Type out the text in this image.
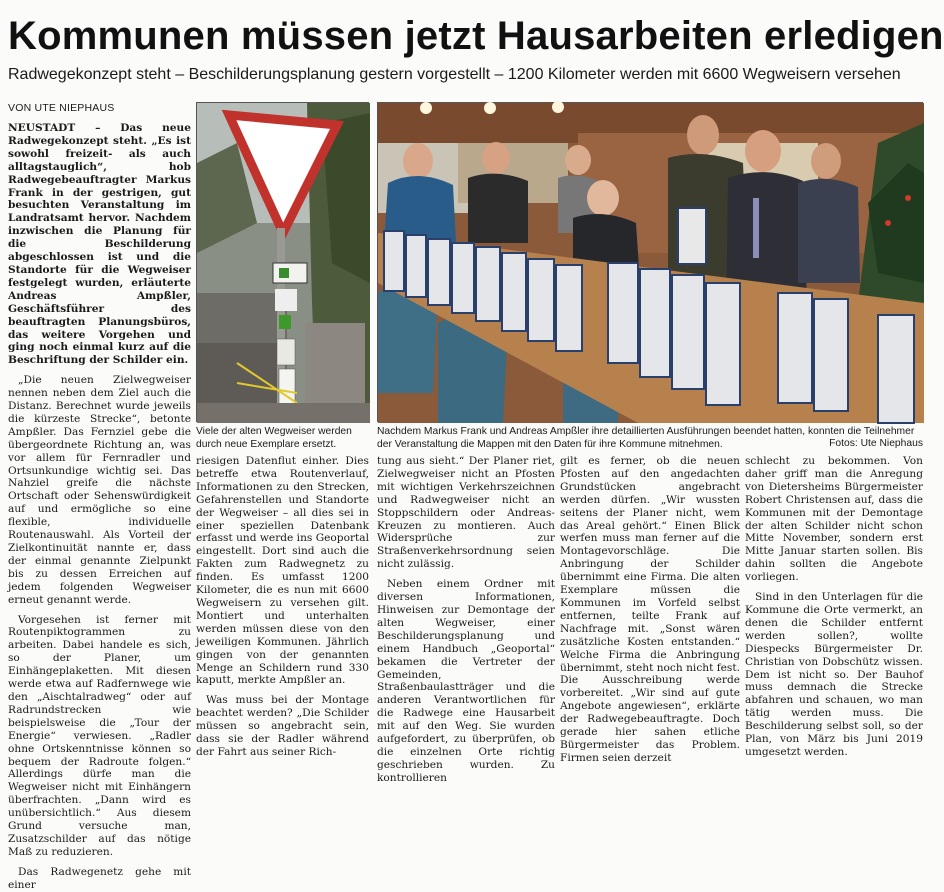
Kommunen müssen jetzt Hausarbeiten erledigen
Radwegekonzept steht – Beschilderungsplanung gestern vorgestellt – 1200 Kilometer werden mit 6600 Wegweisern versehen
VON UTE NIEPHAUS

NEUSTADT – Das neue Radwegekonzept steht. „Es ist sowohl freizeit- als auch alltagstauglich“, hob Radwegebeauftragter Markus Frank in der gestrigen, gut besuchten Veranstaltung im Landratsamt hervor. Nachdem inzwischen die Planung für die Beschilderung abgeschlossen ist und die Standorte für die Wegweiser festgelegt wurden, erläuterte Andreas Ampßler, Geschäftsführer des beauftragten Planungsbüros, das weitere Vorgehen und ging noch einmal kurz auf die Beschriftung der Schilder ein.

„Die neuen Zielwegweiser nennen neben dem Ziel auch die Distanz. Berechnet wurde jeweils die kürzeste Strecke“, betonte Ampßler. Das Fernziel gebe die übergeordnete Richtung an, was vor allem für Fernradler und Ortsunkundige wichtig sei. Das Nahziel greife die nächste Ortschaft oder Sehenswürdigkeit auf und ermögliche so eine flexible, individuelle Routenauswahl. Als Vorteil der Zielkontinuität nannte er, dass der einmal genannte Zielpunkt bis zu dessen Erreichen auf jedem folgenden Wegweiser erneut genannt werde.

Vorgesehen ist ferner mit Routenpiktogrammen zu arbeiten. Dabei handele es sich, so der Planer, um Einhängeplaketten. Mit diesen werde etwa auf Radfernwege wie den „Aischtalradweg“ oder auf Radrundstrecken wie beispielsweise die „Tour der Energie“ verwiesen. „Radler ohne Ortskenntnisse können so bequem der Radroute folgen.“ Allerdings dürfe man die Wegweiser nicht mit Einhängern überfrachten. „Dann wird es unübersichtlich.“ Aus diesem Grund versuche man, Zusatzschilder auf das nötige Maß zu reduzieren.

Das Radwegenetz gehe mit einer

Viele der alten Wegweiser werden durch neue Exemplare ersetzt.
Nachdem Markus Frank und Andreas Ampßler ihre detaillierten Ausführungen beendet hatten, konnten die Teilnehmer der Veranstaltung die Mappen mit den Daten für ihre Kommune mitnehmen.	Fotos: Ute Niephaus

riesigen Datenflut einher. Dies betreffe etwa Routenverlauf, Informationen zu den Strecken, Gefahrenstellen und Standorte der Wegweiser – all dies sei in einer speziellen Datenbank erfasst und werde ins Geoportal eingestellt. Dort sind auch die Fakten zum Radwegnetz zu finden. Es umfasst 1200 Kilometer, die es nun mit 6600 Wegweisern zu versehen gilt. Montiert und unterhalten werden müssen diese von den jeweiligen Kommunen. Jährlich gingen von der genannten Menge an Schildern rund 330 kaputt, merkte Ampßler an.

Was muss bei der Montage beachtet werden? „Die Schilder müssen so angebracht sein, dass sie der Radler während der Fahrt aus seiner Rich-

tung aus sieht.“ Der Planer riet, Zielwegweiser nicht an Pfosten mit wichtigen Verkehrszeichnen und Radwegweiser nicht an Stoppschildern oder Andreas-Kreuzen zu montieren. Auch Widersprüche zur Straßenverkehrsordnung seien nicht zulässig.

Neben einem Ordner mit diversen Informationen, Hinweisen zur Demontage der alten Wegweiser, einer Beschilderungsplanung und einem Handbuch „Geoportal“ bekamen die Vertreter der Gemeinden, Straßenbaulastträger und die anderen Verantwortlichen für die Radwege eine Hausarbeit mit auf den Weg. Sie wurden aufgefordert, zu überprüfen, ob die einzelnen Orte richtig geschrieben wurden. Zu kontrollieren

gilt es ferner, ob die neuen Pfosten auf den angedachten Grundstücken angebracht werden dürfen. „Wir wussten seitens der Planer nicht, wem das Areal gehört.“ Einen Blick werfen muss man ferner auf die Montagevorschläge. Die Anbringung der Schilder übernimmt eine Firma. Die alten Exemplare müssen die Kommunen im Vorfeld selbst entfernen, teilte Frank auf Nachfrage mit. „Sonst wären zusätzliche Kosten entstanden.“ Welche Firma die Anbringung übernimmt, steht noch nicht fest. Die Ausschreibung werde vorbereitet. „Wir sind auf gute Angebote angewiesen“, erklärte der Radwegebeauftragte. Doch gerade hier sahen etliche Bürgermeister das Problem. Firmen seien derzeit

schlecht zu bekommen. Von daher griff man die Anregung von Dietersheims Bürgermeister Robert Christensen auf, dass die Kommunen mit der Demontage der alten Schilder nicht schon Mitte November, sondern erst Mitte Januar starten sollen. Bis dahin sollten die Angebote vorliegen.

Sind in den Unterlagen für die Kommune die Orte vermerkt, an denen die Schilder entfernt werden sollen?, wollte Diespecks Bürgermeister Dr. Christian von Dobschütz wissen. Dem ist nicht so. Der Bauhof muss demnach die Strecke abfahren und schauen, wo man tätig werden muss. Die Beschilderung selbst soll, so der Plan, von März bis Juni 2019 umgesetzt werden.
